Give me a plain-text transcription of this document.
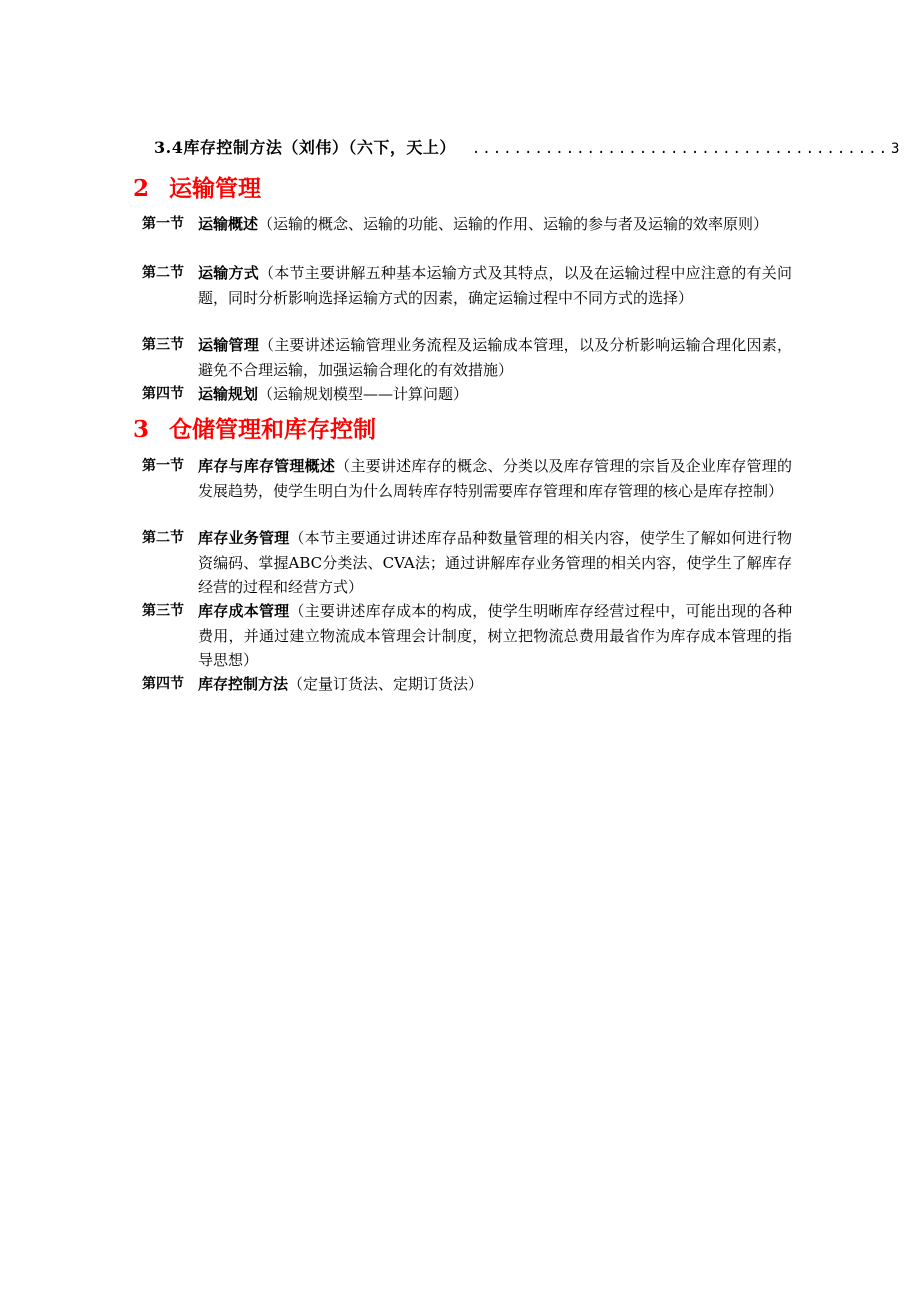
3.4库存控制方法（刘伟）（六下，天上） ........................................ 3
2 运输管理
第一节 运输概述（运输的概念、运输的功能、运输的作用、运输的参与者及运输的效率原则）
第二节 运输方式（本节主要讲解五种基本运输方式及其特点，以及在运输过程中应注意的有关问题，同时分析影响选择运输方式的因素，确定运输过程中不同方式的选择）
第三节 运输管理（主要讲述运输管理业务流程及运输成本管理，以及分析影响运输合理化因素，避免不合理运输，加强运输合理化的有效措施）
第四节 运输规划（运输规划模型——计算问题）
3 仓储管理和库存控制
第一节 库存与库存管理概述（主要讲述库存的概念、分类以及库存管理的宗旨及企业库存管理的发展趋势，使学生明白为什么周转库存特别需要库存管理和库存管理的核心是库存控制）
第二节 库存业务管理（本节主要通过讲述库存品种数量管理的相关内容，使学生了解如何进行物资编码、掌握ABC分类法、CVA法；通过讲解库存业务管理的相关内容，使学生了解库存经营的过程和经营方式）
第三节 库存成本管理（主要讲述库存成本的构成，使学生明晰库存经营过程中，可能出现的各种费用，并通过建立物流成本管理会计制度，树立把物流总费用最省作为库存成本管理的指导思想）
第四节 库存控制方法（定量订货法、定期订货法）
